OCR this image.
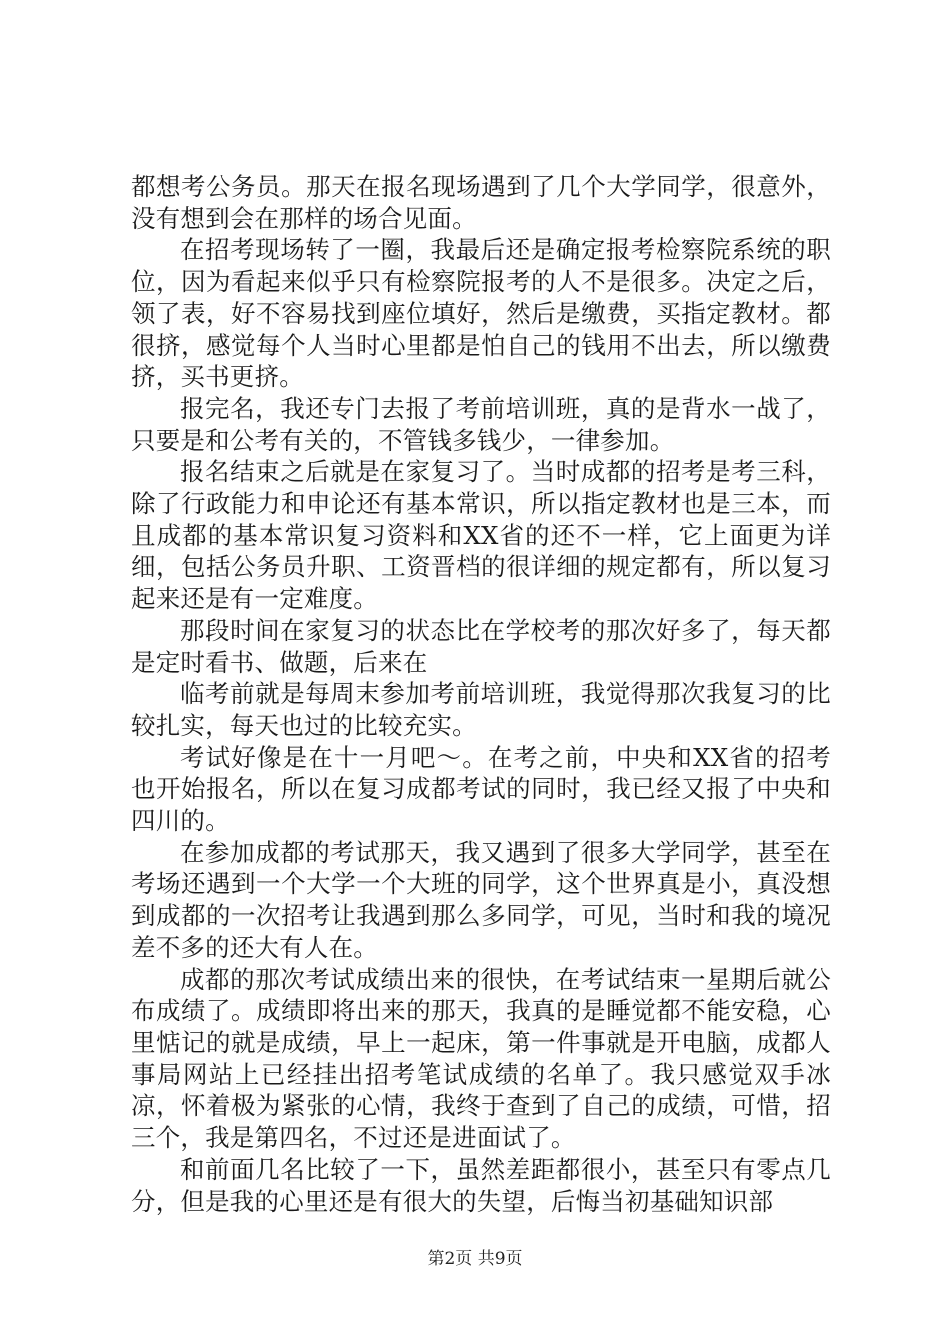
都想考公务员。那天在报名现场遇到了几个大学同学，很意外，没有想到会在那样的场合见面。

在招考现场转了一圈，我最后还是确定报考检察院系统的职位，因为看起来似乎只有检察院报考的人不是很多。决定之后，领了表，好不容易找到座位填好，然后是缴费，买指定教材。都很挤，感觉每个人当时心里都是怕自己的钱用不出去，所以缴费挤，买书更挤。

报完名，我还专门去报了考前培训班，真的是背水一战了，只要是和公考有关的，不管钱多钱少，一律参加。

报名结束之后就是在家复习了。当时成都的招考是考三科，除了行政能力和申论还有基本常识，所以指定教材也是三本，而且成都的基本常识复习资料和XX省的还不一样，它上面更为详细，包括公务员升职、工资晋档的很详细的规定都有，所以复习起来还是有一定难度。

那段时间在家复习的状态比在学校考的那次好多了，每天都是定时看书、做题，后来在

临考前就是每周末参加考前培训班，我觉得那次我复习的比较扎实，每天也过的比较充实。

考试好像是在十一月吧～。在考之前，中央和XX省的招考也开始报名，所以在复习成都考试的同时，我已经又报了中央和四川的。

在参加成都的考试那天，我又遇到了很多大学同学，甚至在考场还遇到一个大学一个大班的同学，这个世界真是小，真没想到成都的一次招考让我遇到那么多同学，可见，当时和我的境况差不多的还大有人在。

成都的那次考试成绩出来的很快，在考试结束一星期后就公布成绩了。成绩即将出来的那天，我真的是睡觉都不能安稳，心里惦记的就是成绩，早上一起床，第一件事就是开电脑，成都人事局网站上已经挂出招考笔试成绩的名单了。我只感觉双手冰凉，怀着极为紧张的心情，我终于查到了自己的成绩，可惜，招三个，我是第四名，不过还是进面试了。

和前面几名比较了一下，虽然差距都很小，甚至只有零点几分，但是我的心里还是有很大的失望，后悔当初基础知识部

第2页 共9页
